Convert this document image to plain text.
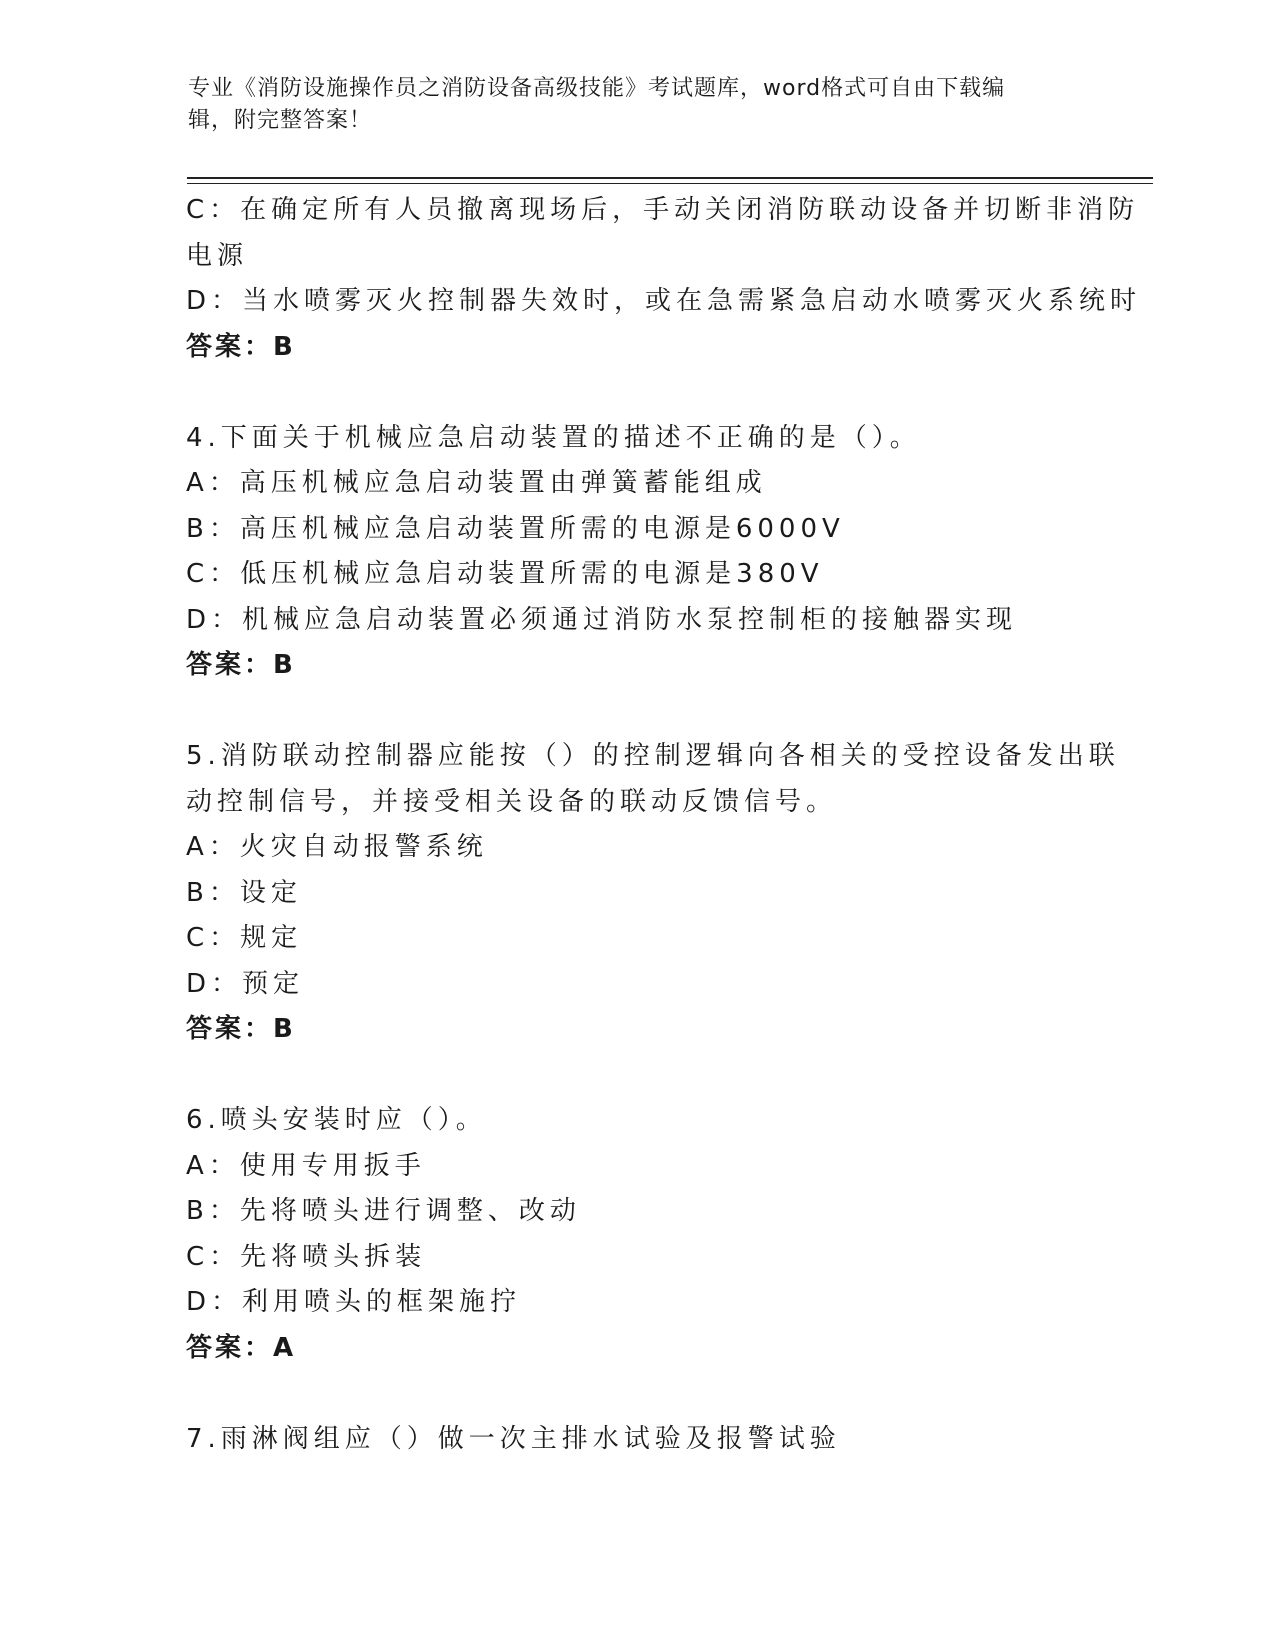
专业《消防设施操作员之消防设备高级技能》考试题库，word格式可自由下载编
辑，附完整答案！
C：在确定所有人员撤离现场后，手动关闭消防联动设备并切断非消防
电源
D：当水喷雾灭火控制器失效时，或在急需紧急启动水喷雾灭火系统时
答案：B
4.下面关于机械应急启动装置的描述不正确的是（）。
A：高压机械应急启动装置由弹簧蓄能组成
B：高压机械应急启动装置所需的电源是6000V
C：低压机械应急启动装置所需的电源是380V
D：机械应急启动装置必须通过消防水泵控制柜的接触器实现
答案：B
5.消防联动控制器应能按（）的控制逻辑向各相关的受控设备发出联
动控制信号，并接受相关设备的联动反馈信号。
A：火灾自动报警系统
B：设定
C：规定
D：预定
答案：B
6.喷头安装时应（）。
A：使用专用扳手
B：先将喷头进行调整、改动
C：先将喷头拆装
D：利用喷头的框架施拧
答案：A
7.雨淋阀组应（）做一次主排水试验及报警试验
